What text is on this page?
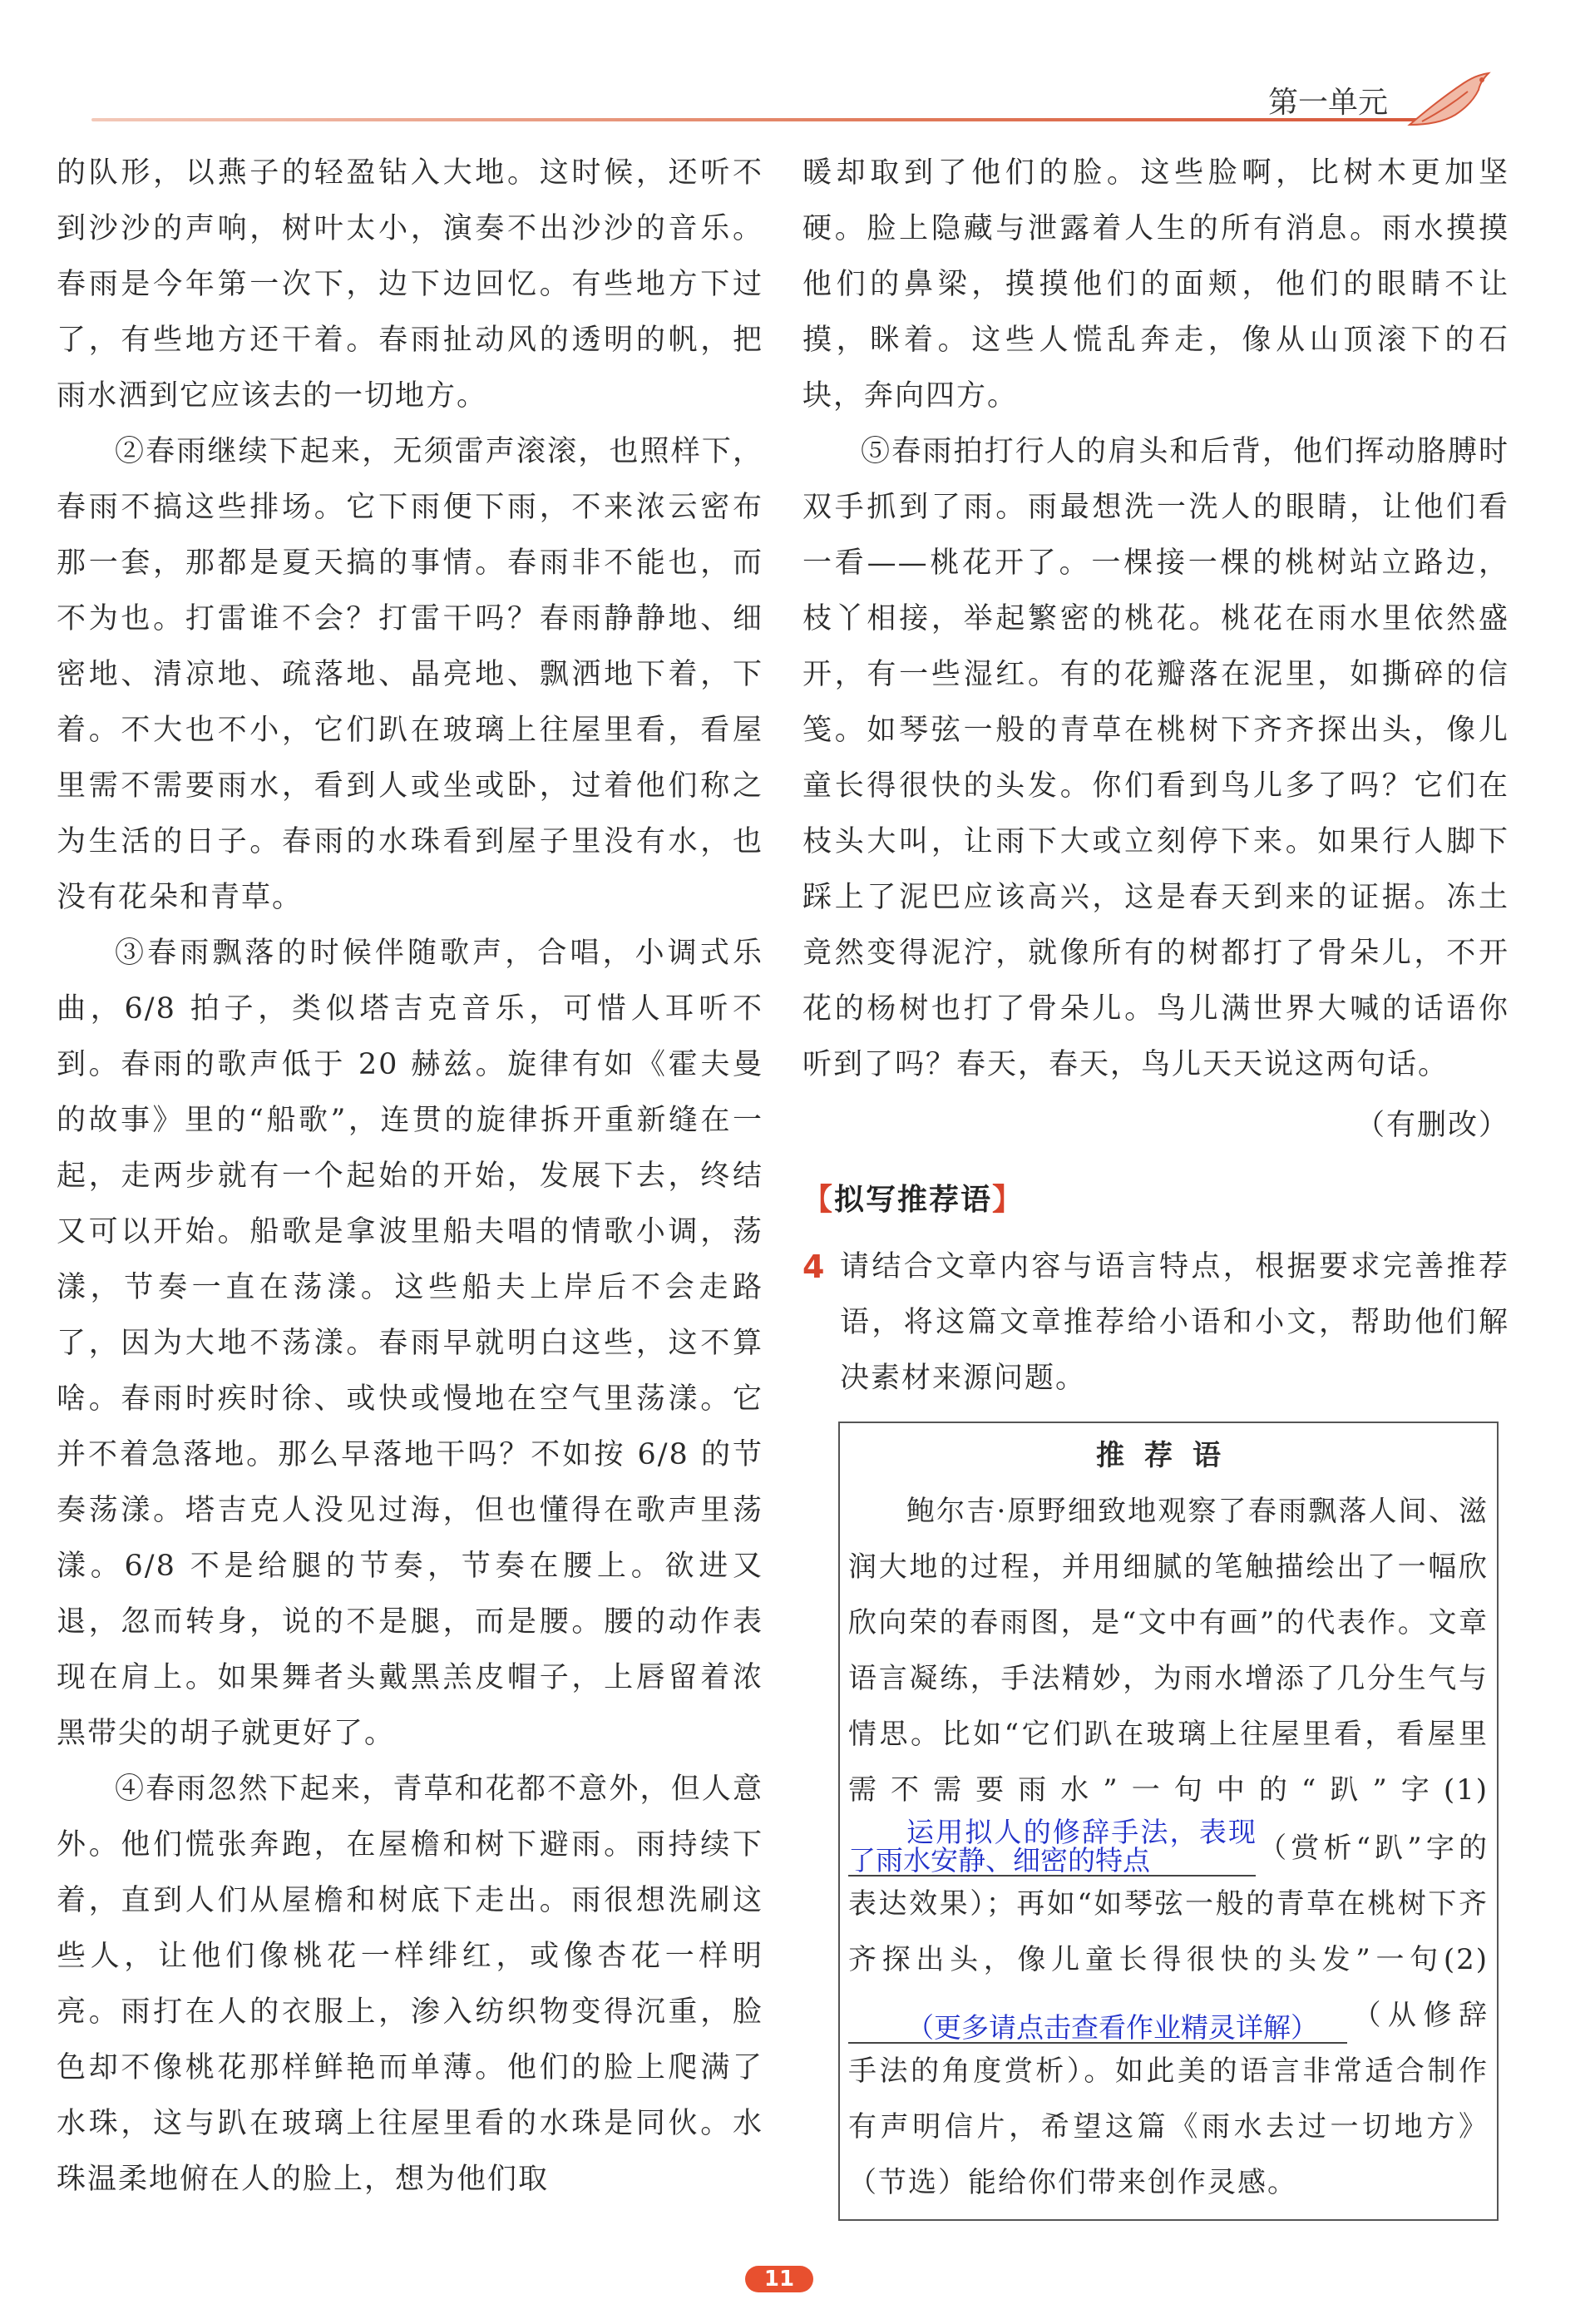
第一单元

的队形，以燕子的轻盈钻入大地。这时候，还听不到沙沙的声响，树叶太小，演奏不出沙沙的音乐。春雨是今年第一次下，边下边回忆。有些地方下过了，有些地方还干着。春雨扯动风的透明的帆，把雨水洒到它应该去的一切地方。

②春雨继续下起来，无须雷声滚滚，也照样下，春雨不搞这些排场。它下雨便下雨，不来浓云密布那一套，那都是夏天搞的事情。春雨非不能也，而不为也。打雷谁不会？打雷干吗？春雨静静地、细密地、清凉地、疏落地、晶亮地、飘洒地下着，下着。不大也不小，它们趴在玻璃上往屋里看，看屋里需不需要雨水，看到人或坐或卧，过着他们称之为生活的日子。春雨的水珠看到屋子里没有水，也没有花朵和青草。

③春雨飘落的时候伴随歌声，合唱，小调式乐曲，6/8 拍子，类似塔吉克音乐，可惜人耳听不到。春雨的歌声低于 20 赫兹。旋律有如《霍夫曼的故事》里的“船歌”，连贯的旋律拆开重新缝在一起，走两步就有一个起始的开始，发展下去，终结又可以开始。船歌是拿波里船夫唱的情歌小调，荡漾，节奏一直在荡漾。这些船夫上岸后不会走路了，因为大地不荡漾。春雨早就明白这些，这不算啥。春雨时疾时徐、或快或慢地在空气里荡漾。它并不着急落地。那么早落地干吗？不如按 6/8 的节奏荡漾。塔吉克人没见过海，但也懂得在歌声里荡漾。6/8 不是给腿的节奏，节奏在腰上。欲进又退，忽而转身，说的不是腿，而是腰。腰的动作表现在肩上。如果舞者头戴黑羔皮帽子，上唇留着浓黑带尖的胡子就更好了。

④春雨忽然下起来，青草和花都不意外，但人意外。他们慌张奔跑，在屋檐和树下避雨。雨持续下着，直到人们从屋檐和树底下走出。雨很想洗刷这些人，让他们像桃花一样绯红，或像杏花一样明亮。雨打在人的衣服上，渗入纺织物变得沉重，脸色却不像桃花那样鲜艳而单薄。他们的脸上爬满了水珠，这与趴在玻璃上往屋里看的水珠是同伙。水珠温柔地俯在人的脸上，想为他们取

暖却取到了他们的脸。这些脸啊，比树木更加坚硬。脸上隐藏与泄露着人生的所有消息。雨水摸摸他们的鼻梁，摸摸他们的面颊，他们的眼睛不让摸，眯着。这些人慌乱奔走，像从山顶滚下的石块，奔向四方。

⑤春雨拍打行人的肩头和后背，他们挥动胳膊时双手抓到了雨。雨最想洗一洗人的眼睛，让他们看一看——桃花开了。一棵接一棵的桃树站立路边，枝丫相接，举起繁密的桃花。桃花在雨水里依然盛开，有一些湿红。有的花瓣落在泥里，如撕碎的信笺。如琴弦一般的青草在桃树下齐齐探出头，像儿童长得很快的头发。你们看到鸟儿多了吗？它们在枝头大叫，让雨下大或立刻停下来。如果行人脚下踩上了泥巴应该高兴，这是春天到来的证据。冻土竟然变得泥泞，就像所有的树都打了骨朵儿，不开花的杨树也打了骨朵儿。鸟儿满世界大喊的话语你听到了吗？春天，春天，鸟儿天天说这两句话。

（有删改）
【拟写推荐语】
4 请结合文章内容与语言特点，根据要求完善推荐语，将这篇文章推荐给小语和小文，帮助他们解决素材来源问题。
推荐语
鲍尔吉·原野细致地观察了春雨飘落人间、滋润大地的过程，并用细腻的笔触描绘出了一幅欣欣向荣的春雨图，是“文中有画”的代表作。文章语言凝练，手法精妙，为雨水增添了几分生气与情思。比如“它们趴在玻璃上往屋里看，看屋里需不需要雨水”一句中的“趴”字(1)运用拟人的修辞手法，表现了雨水安静、细密的特点	（赏析“趴”字的表达效果）；再如“如琴弦一般的青草在桃树下齐齐探出头，像儿童长得很快的头发”一句(2)（更多请点击查看作业精灵详解） （从修辞手法的角度赏析）。如此美的语言非常适合制作有声明信片，希望这篇《雨水去过一切地方》（节选）能给你们带来创作灵感。
11
